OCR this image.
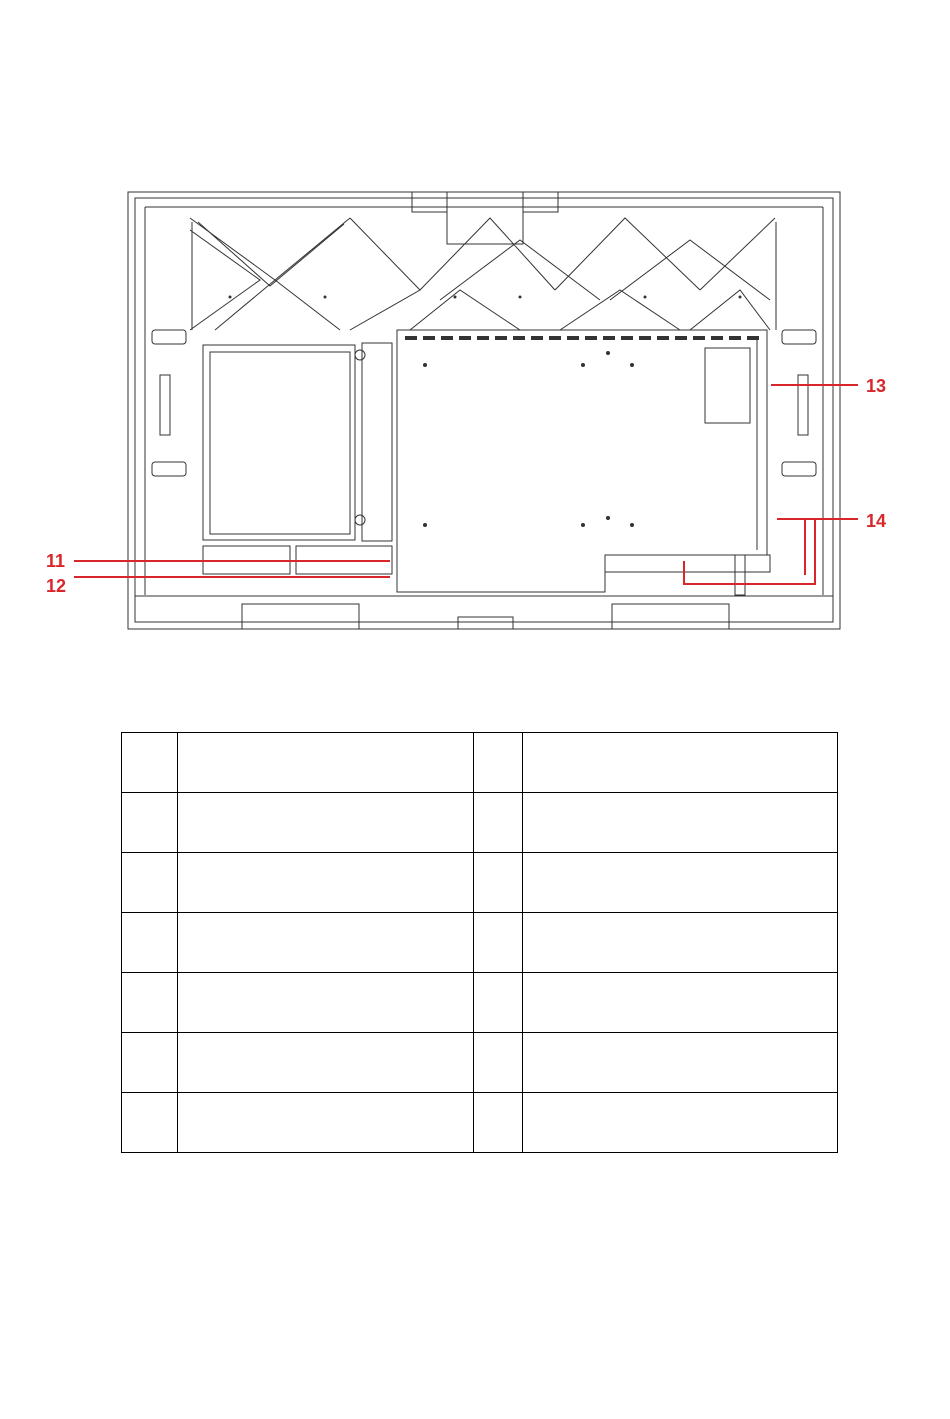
11
12
13
14
